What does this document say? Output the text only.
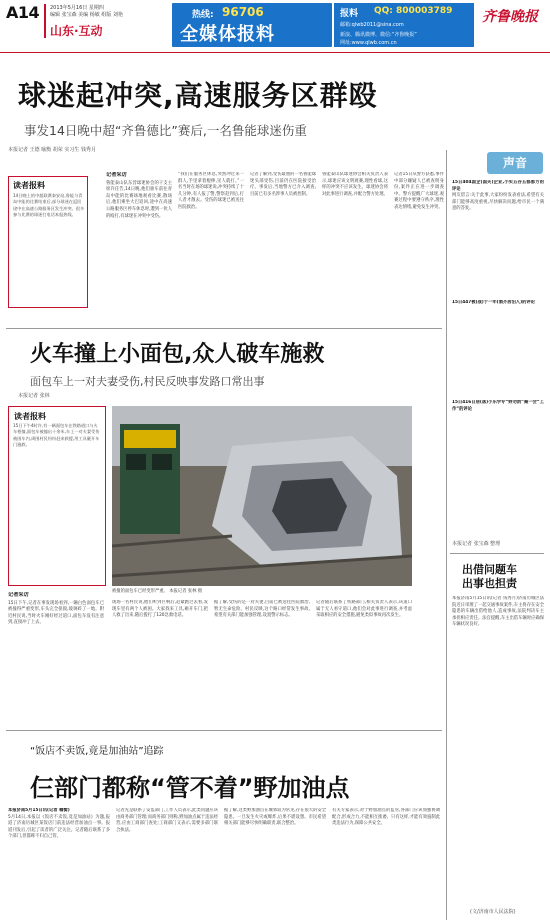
A14 2013年5月16日 星期四
编辑 张宝森 美编 杨敏 组版 刘艳
山东·互动
热线: 96706
全媒体报料
报料 QQ: 800003789
邮箱:qlwb2011@sina.com
新浪、腾讯微博、微信:“齐鲁晚报”
网址:www.qlwb.com.cn
齐鲁晚报
球迷起冲突,高速服务区群殴
事发14日晚中超“齐鲁德比”赛后,一名鲁能球迷伤重
本报记者 王德 喻衡 胡荣 实习生 钱秀月
读者报料
14日晚上的中超联赛泰安站,鲁能与青岛中能的比赛结束后,部分球迷在返回途中在高速公路服务区发生冲突。很多参与比赛的球迷打电话本报热线。
记者采访
鲁能泰山队东营球迷协会的干支主席许任告,14日晚,他们驱车前往青岛中能的比赛场地观看比赛,散场后,他们乘坐大巴返回,途中在高速公路服务区停车休息时,遭到一伙人的殴打,有球迷在冲突中受伤。
“我们在服务区休息,突然冲过来一群人,手里拿着棍棒,见人就打。”一名当时在场的球迷说,冲突持续了十几分钟,有人报了警,警察赶到后,打人者才散去。受伤的球迷已被送往医院救治。
记者了解到,受伤最重的一名鲁能球迷头部受伤,目前仍在医院接受治疗。事发后,当地警方已介入调查,目前已有多名涉事人员被控制。
鲁能泰山队球迷协会相关负责人表示,球迷应该文明观赛,理性看球,这样的冲突不应该发生。球迷协会将对此事进行调查,并配合警方处理。
记者15日从警方获悉,事件中部分嫌疑人已被查明身份,案件正在进一步调查中。警方提醒广大球迷,观赛过程中要遵守秩序,理性表达情绪,避免发生冲突。
火车撞上小面包,众人破车施救
面包车上一对夫妻受伤,村民反映事发路口常出事
本报记者 张林
读者报料
15日下午4时许,有一辆面包车在铁路道口与火车相撞,面包车被撞出十余米,车上一对夫妻受伤被困车内,周围村民纷纷赶来救援,用工具砸开车门施救。
被撞的面包车已经变形严重。 本报记者 张林 摄
记者采访
15日下午,记者在事发现场看到,一辆白色面包车已被撞得严重变形,车头完全损毁,玻璃碎了一地。附近村民说,当时火车刚好经过道口,面包车没有注意到,直接冲了上去。
现场一名村民说,他们听到巨响后,赶紧跑过去看,发现车里有两个人被困。大家找来工具,砸开车门,把人救了出来,随后拨打了120急救电话。
据了解,受伤的是一对夫妻,目前已被送往医院救治,暂无生命危险。村民反映,这个路口经常发生事故,希望有关部门能加强管理,设置警示标志。
记者随后联系了铁路部门,相关负责人表示,该道口属于无人看守道口,他们会对此事进行调查,并考虑采取相应的安全措施,避免类似事故再次发生。
“饭店不卖饭,竟是加油站”追踪
仨部门都称“管不着”野加油点
本报济南5月15日讯(记者 喻衡)
5月14日,本报以《饭店不卖饭,竟是加油站》为题,报道了济南历城区某饭店门前违法经营加油点一事。报道刊发后,引起了读者的广泛关注。记者随后联系了多个部门,但都称不归自己管。
记者先是联系了安监部门,工作人员表示,此类问题应该由商务部门管理;而商务部门则称,野加油点属于违法经营,应由工商部门查处;工商部门又表示,需要多部门联合执法。
据了解,这类野加油点在城郊较为常见,存在很大的安全隐患。一旦发生火灾或爆炸,后果不堪设想。市民希望相关部门能够尽快明确职责,联合整治。
有关专家表示,对于野加油点的监管,各部门应该加强协调配合,形成合力,不能相互推诿。只有这样,才能有效遏制此类违法行为,保障公共安全。
声音
15日404国企(国关)企业,小实五谷五都都方的评论
网友留言:关于此事,大家纷纷发表看法,希望有关部门能够高度重视,尽快解决问题,给市民一个满意的答复。
15日447被(战)于一年(酒齐居泊人)的评论
15日416日居(落)小乐学专“野劝消”聚一会“工作”的评论
本报记者 张宝森 整理
出借问题车
出事也担责
本报济南5月15日讯(记者 钱秀月)济南历城区法院近日审理了一起交通事故案件,车主将存在安全隐患的车辆出借给他人,造成事故,法院判决车主承担相应责任。法官提醒,车主出借车辆时应确保车辆状况良好。
(文/济南市人民法院)
